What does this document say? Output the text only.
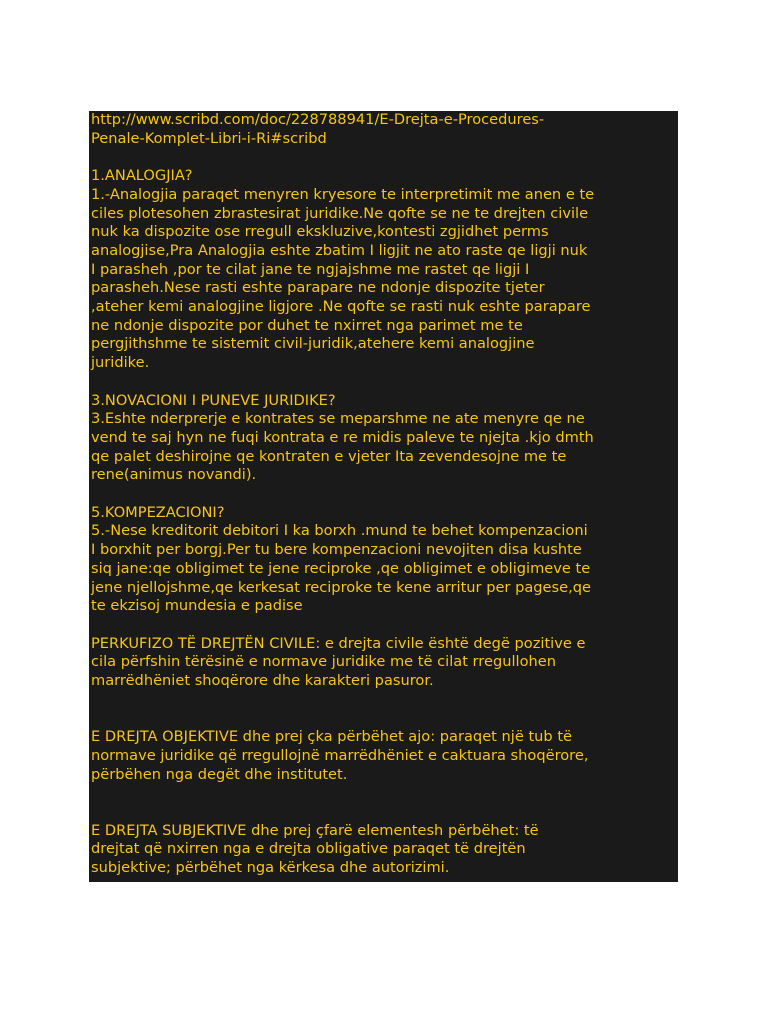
http://www.scribd.com/doc/228788941/E-Drejta-e-Procedures-
Penale-Komplet-Libri-i-Ri#scribd

1.ANALOGJIA?

1.-Analogjia paraqet menyren kryesore te interpretimit me anen e te
ciles plotesohen zbrastesirat juridike.Ne qofte se ne te drejten civile
nuk ka dispozite ose rregull ekskluzive,kontesti zgjidhet perms
analogjise,Pra Analogjia eshte zbatim I ligjit ne ato raste qe ligji nuk
I parasheh ,por te cilat jane te ngjajshme me rastet qe ligji I
parasheh.Nese rasti eshte parapare ne ndonje dispozite tjeter
,ateher kemi analogjine ligjore .Ne qofte se rasti nuk eshte parapare
ne ndonje dispozite por duhet te nxirret nga parimet me te
pergjithshme te sistemit civil-juridik,atehere kemi analogjine
juridike.

3.NOVACIONI I PUNEVE JURIDIKE?

3.Eshte nderprerje e kontrates se meparshme ne ate menyre qe ne
vend te saj hyn ne fuqi kontrata e re midis paleve te njejta .kjo dmth
qe palet deshirojne qe kontraten e vjeter Ita zevendesojne me te
rene(animus novandi).

5.KOMPEZACIONI?

5.-Nese kreditorit debitori I ka borxh .mund te behet kompenzacioni
I borxhit per borgj.Per tu bere kompenzacioni nevojiten disa kushte
siq jane:qe obligimet te jene reciproke ,qe obligimet e obligimeve te
jene njellojshme,qe kerkesat reciproke te kene arritur per pagese,qe
te ekzisoj mundesia e padise

PERKUFIZO TË DREJTËN CIVILE: e drejta civile është degë pozitive e
cila përfshin tërësinë e normave juridike me të cilat rregullohen
marrëdhëniet shoqërore dhe karakteri pasuror.

E DREJTA OBJEKTIVE dhe prej çka përbëhet ajo: paraqet një tub të
normave juridike që rregullojnë marrëdhëniet e caktuara shoqërore,
përbëhen nga degët dhe institutet.

E DREJTA SUBJEKTIVE dhe prej çfarë elementesh përbëhet: të
drejtat që nxirren nga e drejta obligative paraqet të drejtën
subjektive; përbëhet nga kërkesa dhe autorizimi.
